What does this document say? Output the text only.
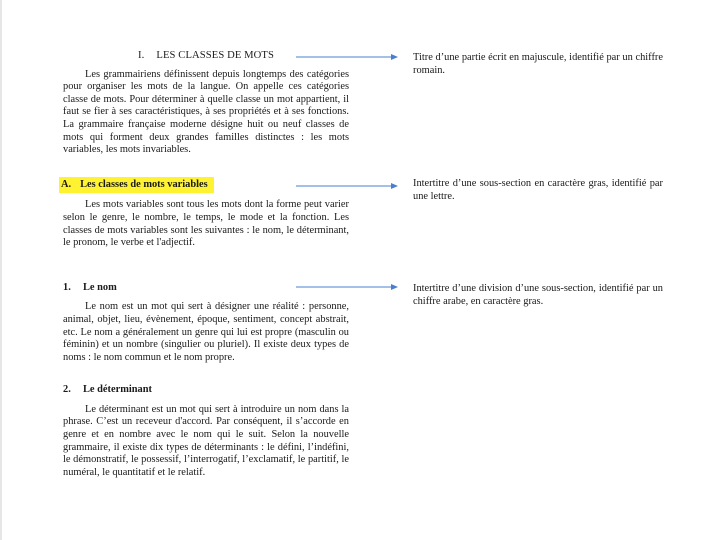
I. LES CLASSES DE MOTS

Les grammairiens définissent depuis longtemps des catégories pour organiser les mots de la langue. On appelle ces catégories classe de mots. Pour déterminer à quelle classe un mot appartient, il faut se fier à ses caractéristiques, à ses propriétés et à ses fonctions. La grammaire française moderne désigne huit ou neuf classes de mots qui forment deux grandes familles distinctes : les mots variables, les mots invariables.

A. Les classes de mots variables

Les mots variables sont tous les mots dont la forme peut varier selon le genre, le nombre, le temps, le mode et la fonction. Les classes de mots variables sont les suivantes : le nom, le déterminant, le pronom, le verbe et l'adjectif.

1. Le nom

Le nom est un mot qui sert à désigner une réalité : personne, animal, objet, lieu, évènement, époque, sentiment, concept abstrait, etc. Le nom a généralement un genre qui lui est propre (masculin ou féminin) et un nombre (singulier ou pluriel). Il existe deux types de noms : le nom commun et le nom propre.

2. Le déterminant

Le déterminant est un mot qui sert à introduire un nom dans la phrase. C’est un receveur d'accord. Par conséquent, il s’accorde en genre et en nombre avec le nom qui le suit. Selon la nouvelle grammaire, il existe dix types de déterminants : le défini, l’indéfini, le démonstratif, le possessif, l’interrogatif, l’exclamatif, le partitif, le numéral, le quantitatif et le relatif.

Titre d’une partie écrit en majuscule, identifié par un chiffre romain.
Intertitre d’une sous-section en caractère gras, identifié par une lettre.
Intertitre d’une division d’une sous-section, identifié par un chiffre arabe, en caractère gras.
